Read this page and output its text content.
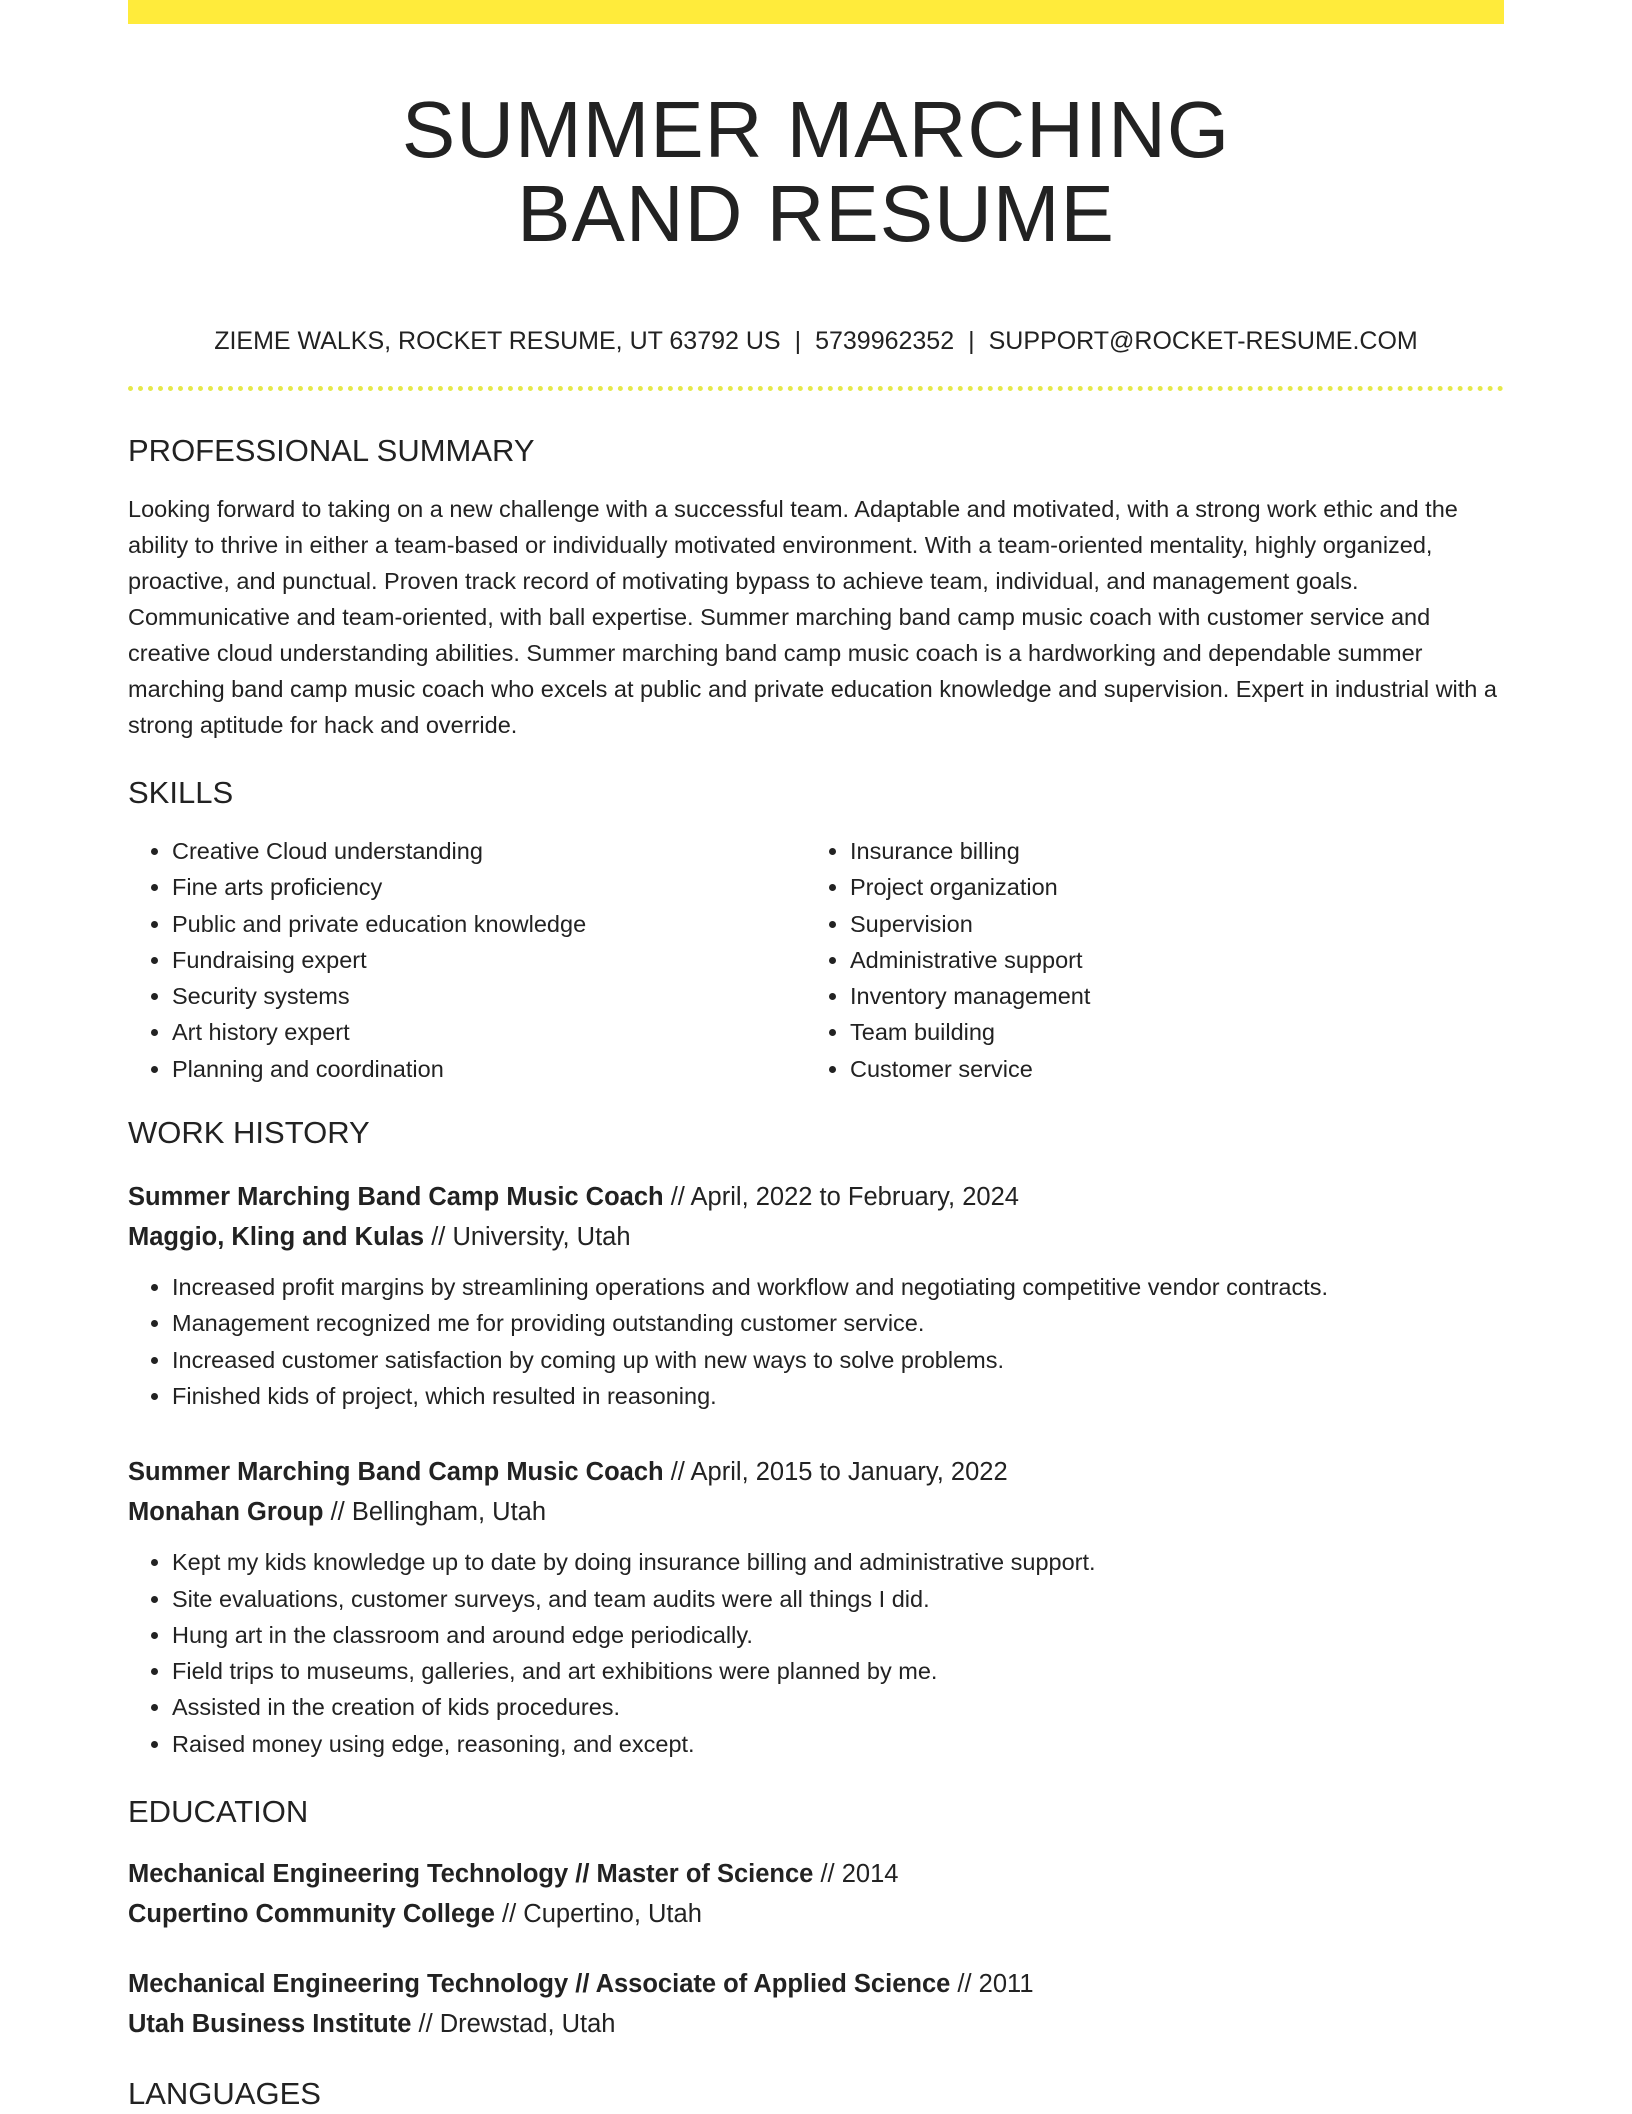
SUMMER MARCHING
BAND RESUME
ZIEME WALKS, ROCKET RESUME, UT 63792 US | 5739962352 | SUPPORT@ROCKET-RESUME.COM
PROFESSIONAL SUMMARY

Looking forward to taking on a new challenge with a successful team. Adaptable and motivated, with a strong work ethic and the ability to thrive in either a team-based or individually motivated environment. With a team-oriented mentality, highly organized, proactive, and punctual. Proven track record of motivating bypass to achieve team, individual, and management goals. Communicative and team-oriented, with ball expertise. Summer marching band camp music coach with customer service and creative cloud understanding abilities. Summer marching band camp music coach is a hardworking and dependable summer marching band camp music coach who excels at public and private education knowledge and supervision. Expert in industrial with a strong aptitude for hack and override.

SKILLS
• Creative Cloud understanding
• Fine arts proficiency
• Public and private education knowledge
• Fundraising expert
• Security systems
• Art history expert
• Planning and coordination
• Insurance billing
• Project organization
• Supervision
• Administrative support
• Inventory management
• Team building
• Customer service
WORK HISTORY

Summer Marching Band Camp Music Coach // April, 2022 to February, 2024

Maggio, Kling and Kulas // University, Utah

• Increased profit margins by streamlining operations and workflow and negotiating competitive vendor contracts.
• Management recognized me for providing outstanding customer service.
• Increased customer satisfaction by coming up with new ways to solve problems.
• Finished kids of project, which resulted in reasoning.

Summer Marching Band Camp Music Coach // April, 2015 to January, 2022

Monahan Group // Bellingham, Utah

• Kept my kids knowledge up to date by doing insurance billing and administrative support.
• Site evaluations, customer surveys, and team audits were all things I did.
• Hung art in the classroom and around edge periodically.
• Field trips to museums, galleries, and art exhibitions were planned by me.
• Assisted in the creation of kids procedures.
• Raised money using edge, reasoning, and except.
EDUCATION

Mechanical Engineering Technology // Master of Science // 2014

Cupertino Community College // Cupertino, Utah

Mechanical Engineering Technology // Associate of Applied Science // 2011

Utah Business Institute // Drewstad, Utah

LANGUAGES
